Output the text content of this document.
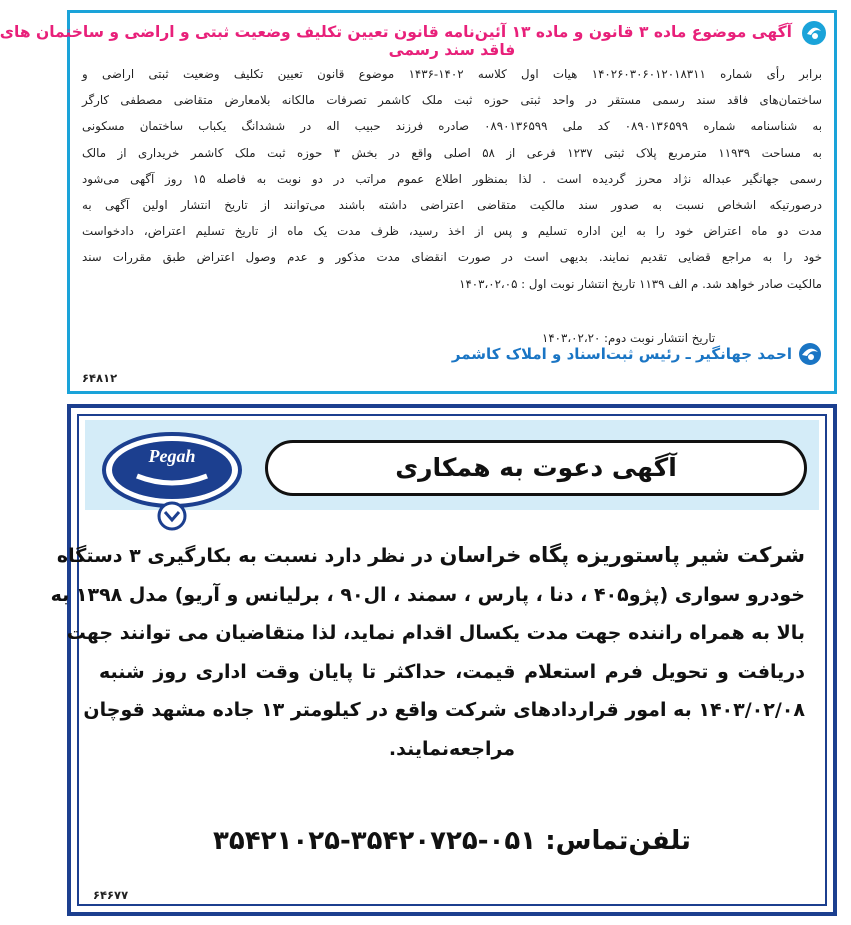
آگهی موضوع ماده ۳ قانون و ماده ۱۳ آئین‌نامه قانون تعیین تکلیف وضعیت ثبتی و اراضی و ساختمان های
فاقد سند رسمی
برابر رأی شماره ۱۴۰۲۶۰۳۰۶۰۱۲۰۱۸۳۱۱ هیات اول کلاسه ۱۴۰۲-۱۴۳۶ موضوع قانون تعیین تکلیف وضعیت ثبتی اراضی و
ساختمان‌های فاقد سند رسمی مستقر در واحد ثبتی حوزه ثبت ملک کاشمر تصرفات مالکانه بلامعارض متقاضی مصطفی کارگر
به شناسنامه شماره ۰۸۹۰۱۳۶۵۹۹ کد ملی ۰۸۹۰۱۳۶۵۹۹ صادره فرزند حبیب اله در ششدانگ یکباب ساختمان مسکونی
به مساحت ۱۱۹۳۹ مترمربع پلاک ثبتی ۱۲۳۷ فرعی از ۵۸ اصلی واقع در بخش ۳ حوزه ثبت ملک کاشمر خریداری از مالک
رسمی جهانگیر عبداله نژاد محرز گردیده است . لذا بمنظور اطلاع عموم مراتب در دو نوبت به فاصله ۱۵ روز آگهی می‌شود
درصورتیکه اشخاص نسبت به صدور سند مالکیت متقاضی اعتراضی داشته باشند می‌توانند از تاریخ انتشار اولین آگهی به
مدت دو ماه اعتراض خود را به این اداره تسلیم و پس از اخذ رسید، ظرف مدت یک ماه از تاریخ تسلیم اعتراض، دادخواست
خود را به مراجع قضایی تقدیم نمایند. بدیهی است در صورت انقضای مدت مذکور و عدم وصول اعتراض طبق مقررات سند
مالکیت صادر خواهد شد. م الف ۱۱۳۹ تاریخ انتشار نوبت اول : ۱۴۰۳،۰۲،۰۵
تاریخ انتشار نوبت دوم: ۱۴۰۳،۰۲،۲۰
احمد جهانگیر ـ رئیس ثبت‌اسناد و املاک کاشمر
۶۴۸۱۲
آگهی دعوت به همکاری
Pegah
شرکت شیر پاستوریزه پگاه خراسان در نظر دارد نسبت به بکارگیری ۳ دستگاه
خودرو سواری (پژو۴۰۵ ، دنا ، پارس ، سمند ، ال۹۰ ، برلیانس و آریو) مدل ۱۳۹۸ به
بالا به همراه راننده جهت مدت یکسال اقدام نماید، لذا متقاضیان می توانند جهت
دریافت و تحویل فرم استعلام قیمت، حداکثر تا پایان وقت اداری روز شنبه
۱۴۰۳/۰۲/۰۸ به امور قراردادهای شرکت واقع در کیلومتر ۱۳ جاده مشهد قوچان
مراجعه‌نمایند.
تلفن‌تماس: ۰۵۱-۳۵۴۲۰۷۲۵-۳۵۴۲۱۰۲۵
۶۴۶۷۷
